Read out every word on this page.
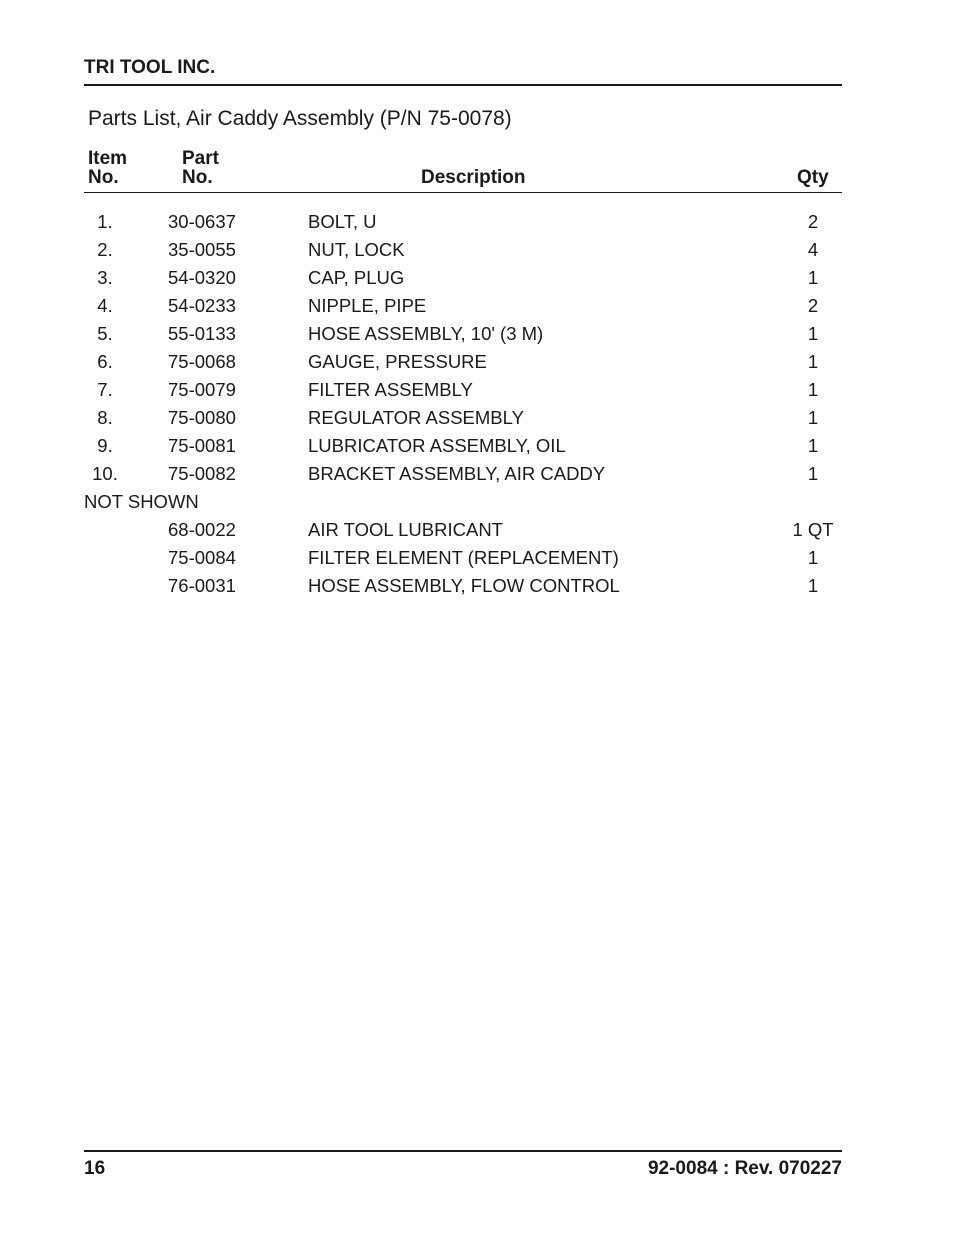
TRI TOOL INC.
Parts List, Air Caddy Assembly (P/N 75-0078)
Item
No.
Part
No.	Description	Qty
1.	30-0637	BOLT, U	2
2.	35-0055	NUT, LOCK	4
3.	54-0320	CAP, PLUG	1
4.	54-0233	NIPPLE, PIPE	2
5.	55-0133	HOSE ASSEMBLY, 10' (3 M)	1
6.	75-0068	GAUGE, PRESSURE	1
7.	75-0079	FILTER ASSEMBLY	1
8.	75-0080	REGULATOR ASSEMBLY	1
9.	75-0081	LUBRICATOR ASSEMBLY, OIL	1
10.	75-0082	BRACKET ASSEMBLY, AIR CADDY	1
NOT SHOWN
68-0022	AIR TOOL LUBRICANT	1 QT
75-0084	FILTER ELEMENT (REPLACEMENT)	1
76-0031	HOSE ASSEMBLY, FLOW CONTROL	1
16	92-0084 : Rev. 070227
